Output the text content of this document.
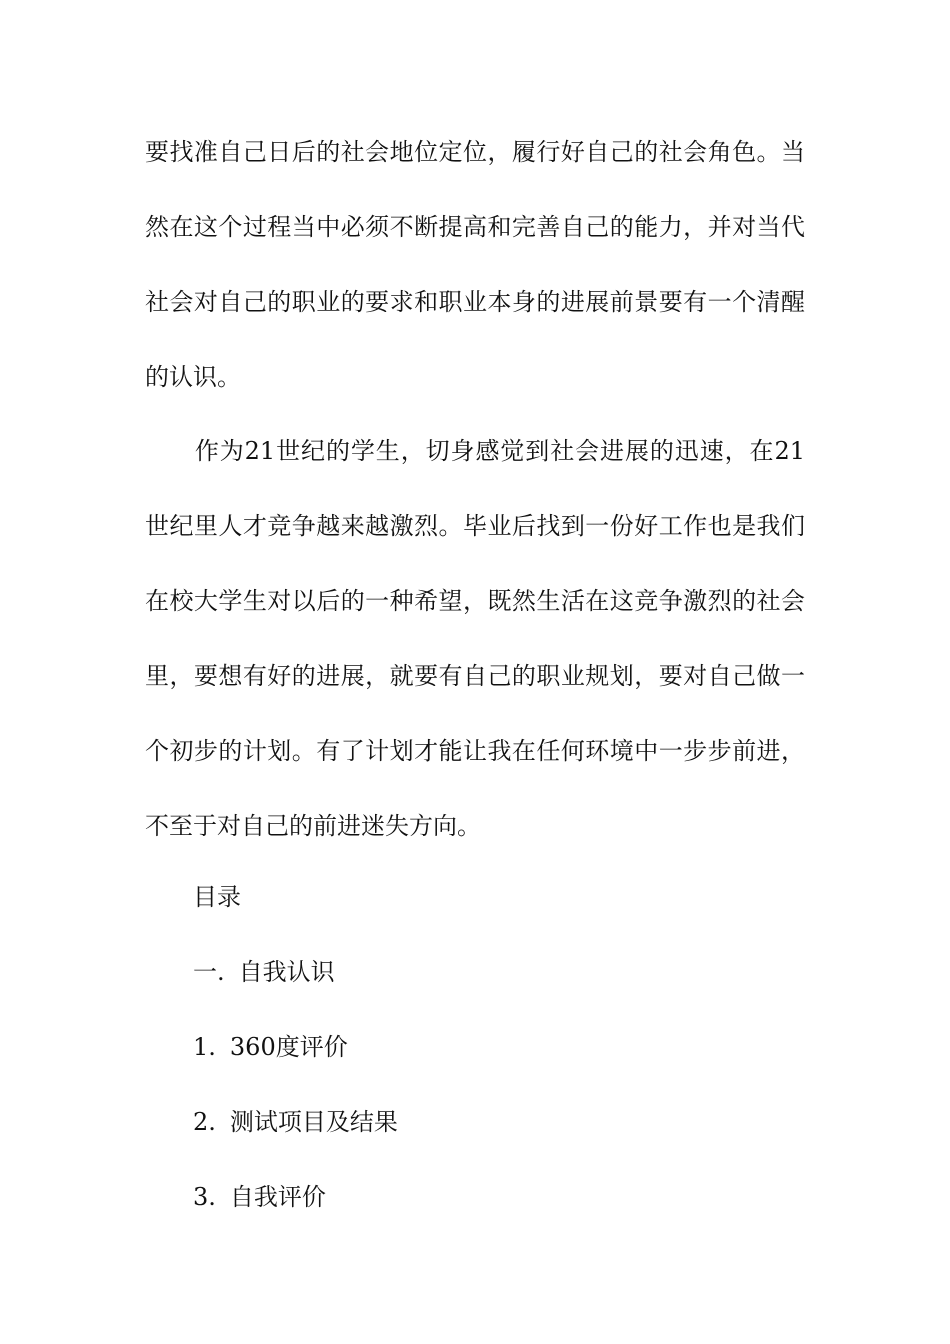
要找准自己日后的社会地位定位，履行好自己的社会角色。当
然在这个过程当中必须不断提高和完善自己的能力，并对当代
社会对自己的职业的要求和职业本身的进展前景要有一个清醒
的认识。
　　作为21世纪的学生，切身感觉到社会进展的迅速，在21
世纪里人才竞争越来越激烈。毕业后找到一份好工作也是我们
在校大学生对以后的一种希望，既然生活在这竞争激烈的社会
里，要想有好的进展，就要有自己的职业规划，要对自己做一
个初步的计划。有了计划才能让我在任何环境中一步步前进，
不至于对自己的前进迷失方向。
目录
一. 自我认识
1. 360度评价
2. 测试项目及结果
3. 自我评价
